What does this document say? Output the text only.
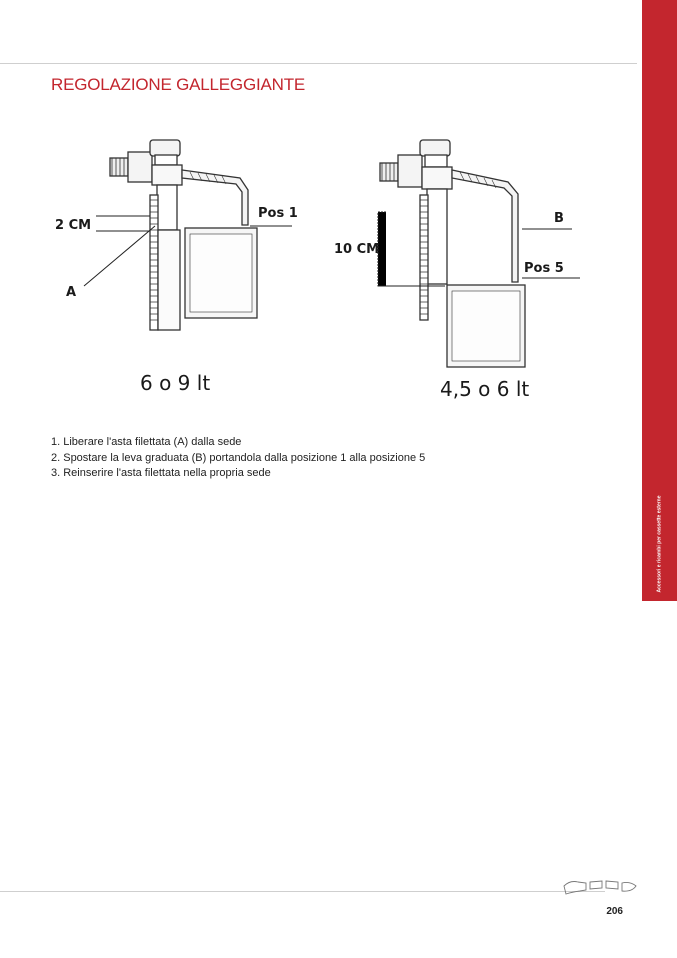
Accessori e ricambi per cassette esterne
REGOLAZIONE GALLEGGIANTE
2 CM
Pos 1
A
6 o 9 lt
10 CM
B
Pos 5
4,5 o 6 lt
1. Liberare l'asta filettata (A) dalla sede
2. Spostare la leva graduata (B) portandola dalla posizione 1 alla posizione 5
3. Reinserire l'asta filettata nella propria sede
206
